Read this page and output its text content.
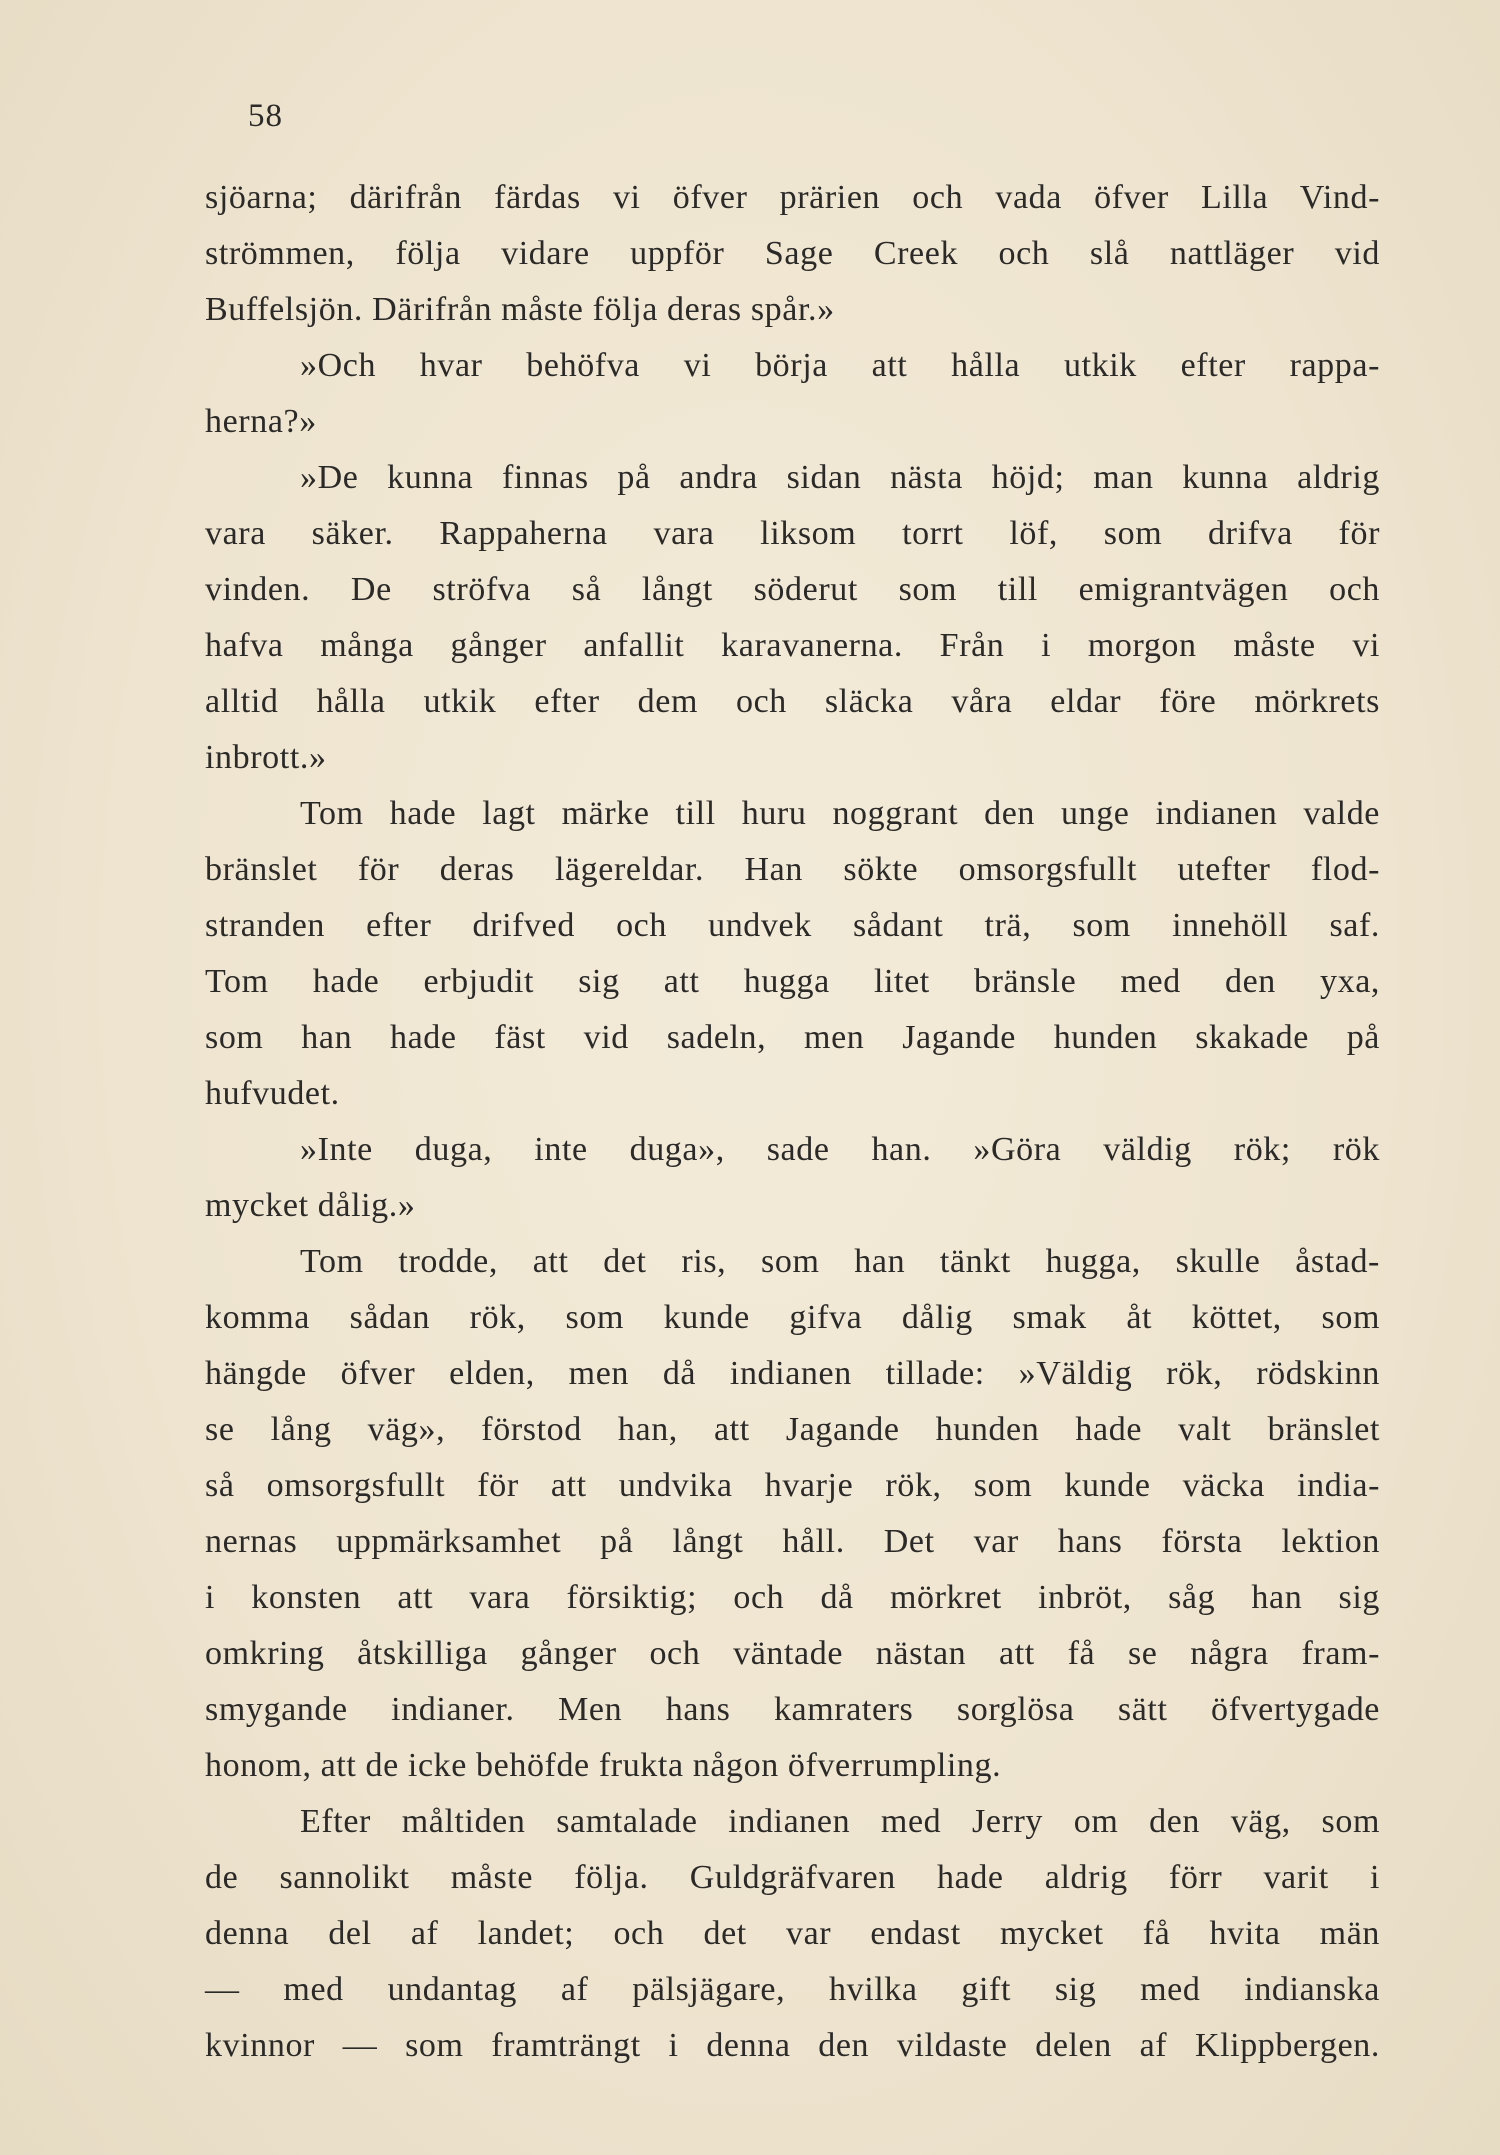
58
sjöarna; därifrån färdas vi öfver prärien och vada öfver Lilla Vind-
strömmen, följa vidare uppför Sage Creek och slå nattläger vid
Buffelsjön. Därifrån måste följa deras spår.»
»Och hvar behöfva vi börja att hålla utkik efter rappa-
herna?»
»De kunna finnas på andra sidan nästa höjd; man kunna aldrig
vara säker. Rappaherna vara liksom torrt löf, som drifva för
vinden. De ströfva så långt söderut som till emigrantvägen och
hafva många gånger anfallit karavanerna. Från i morgon måste vi
alltid hålla utkik efter dem och släcka våra eldar före mörkrets
inbrott.»
Tom hade lagt märke till huru noggrant den unge indianen valde
bränslet för deras lägereldar. Han sökte omsorgsfullt utefter flod-
stranden efter drifved och undvek sådant trä, som innehöll saf.
Tom hade erbjudit sig att hugga litet bränsle med den yxa,
som han hade fäst vid sadeln, men Jagande hunden skakade på
hufvudet.
»Inte duga, inte duga», sade han. »Göra väldig rök; rök
mycket dålig.»
Tom trodde, att det ris, som han tänkt hugga, skulle åstad-
komma sådan rök, som kunde gifva dålig smak åt köttet, som
hängde öfver elden, men då indianen tillade: »Väldig rök, rödskinn
se lång väg», förstod han, att Jagande hunden hade valt bränslet
så omsorgsfullt för att undvika hvarje rök, som kunde väcka india-
nernas uppmärksamhet på långt håll. Det var hans första lektion
i konsten att vara försiktig; och då mörkret inbröt, såg han sig
omkring åtskilliga gånger och väntade nästan att få se några fram-
smygande indianer. Men hans kamraters sorglösa sätt öfvertygade
honom, att de icke behöfde frukta någon öfverrumpling.
Efter måltiden samtalade indianen med Jerry om den väg, som
de sannolikt måste följa. Guldgräfvaren hade aldrig förr varit i
denna del af landet; och det var endast mycket få hvita män
— med undantag af pälsjägare, hvilka gift sig med indianska
kvinnor — som framträngt i denna den vildaste delen af Klippbergen.
